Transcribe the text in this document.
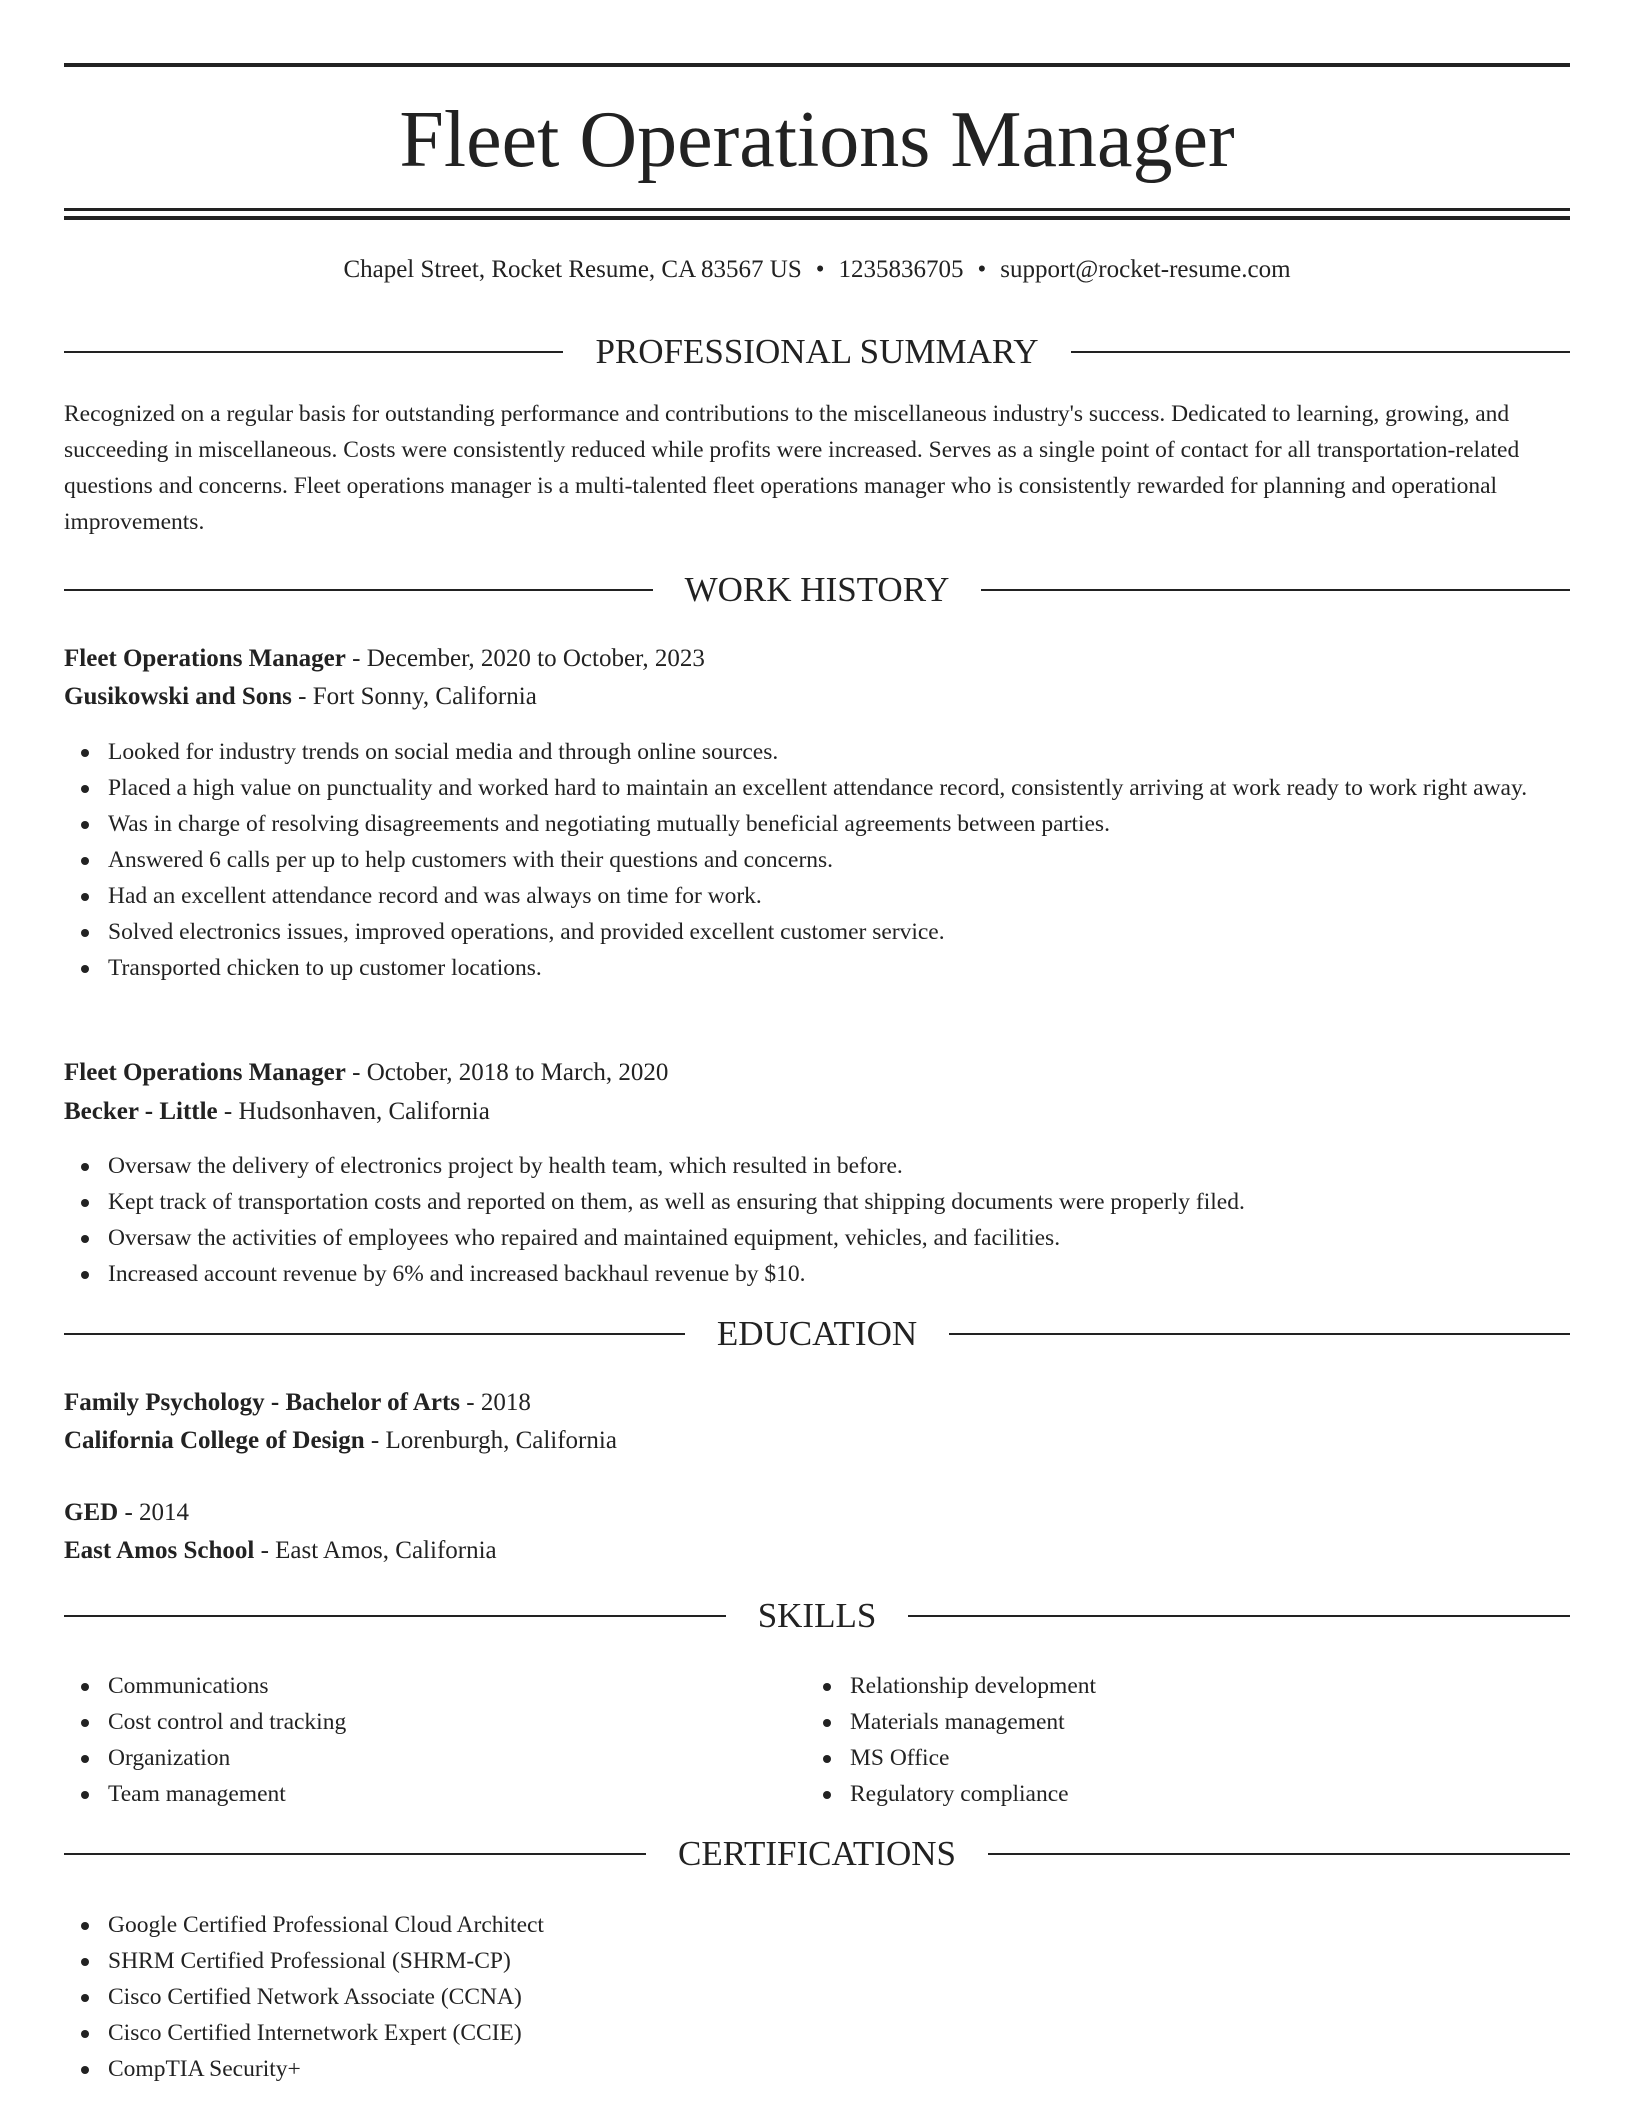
Fleet Operations Manager
Chapel Street, Rocket Resume, CA 83567 US • 1235836705 • support@rocket-resume.com
PROFESSIONAL SUMMARY

Recognized on a regular basis for outstanding performance and contributions to the miscellaneous industry's success. Dedicated to learning, growing, and succeeding in miscellaneous. Costs were consistently reduced while profits were increased. Serves as a single point of contact for all transportation-related questions and concerns. Fleet operations manager is a multi-talented fleet operations manager who is consistently rewarded for planning and operational improvements.

WORK HISTORY
Fleet Operations Manager - December, 2020 to October, 2023
Gusikowski and Sons - Fort Sonny, California
Looked for industry trends on social media and through online sources.
Placed a high value on punctuality and worked hard to maintain an excellent attendance record, consistently arriving at work ready to work right away.
Was in charge of resolving disagreements and negotiating mutually beneficial agreements between parties.
Answered 6 calls per up to help customers with their questions and concerns.
Had an excellent attendance record and was always on time for work.
Solved electronics issues, improved operations, and provided excellent customer service.
Transported chicken to up customer locations.
Fleet Operations Manager - October, 2018 to March, 2020
Becker - Little - Hudsonhaven, California
Oversaw the delivery of electronics project by health team, which resulted in before.
Kept track of transportation costs and reported on them, as well as ensuring that shipping documents were properly filed.
Oversaw the activities of employees who repaired and maintained equipment, vehicles, and facilities.
Increased account revenue by 6% and increased backhaul revenue by $10.
EDUCATION
Family Psychology - Bachelor of Arts - 2018
California College of Design - Lorenburgh, California
GED - 2014
East Amos School - East Amos, California
SKILLS
Communications
Cost control and tracking
Organization
Team management
Relationship development
Materials management
MS Office
Regulatory compliance
CERTIFICATIONS
Google Certified Professional Cloud Architect
SHRM Certified Professional (SHRM-CP)
Cisco Certified Network Associate (CCNA)
Cisco Certified Internetwork Expert (CCIE)
CompTIA Security+
